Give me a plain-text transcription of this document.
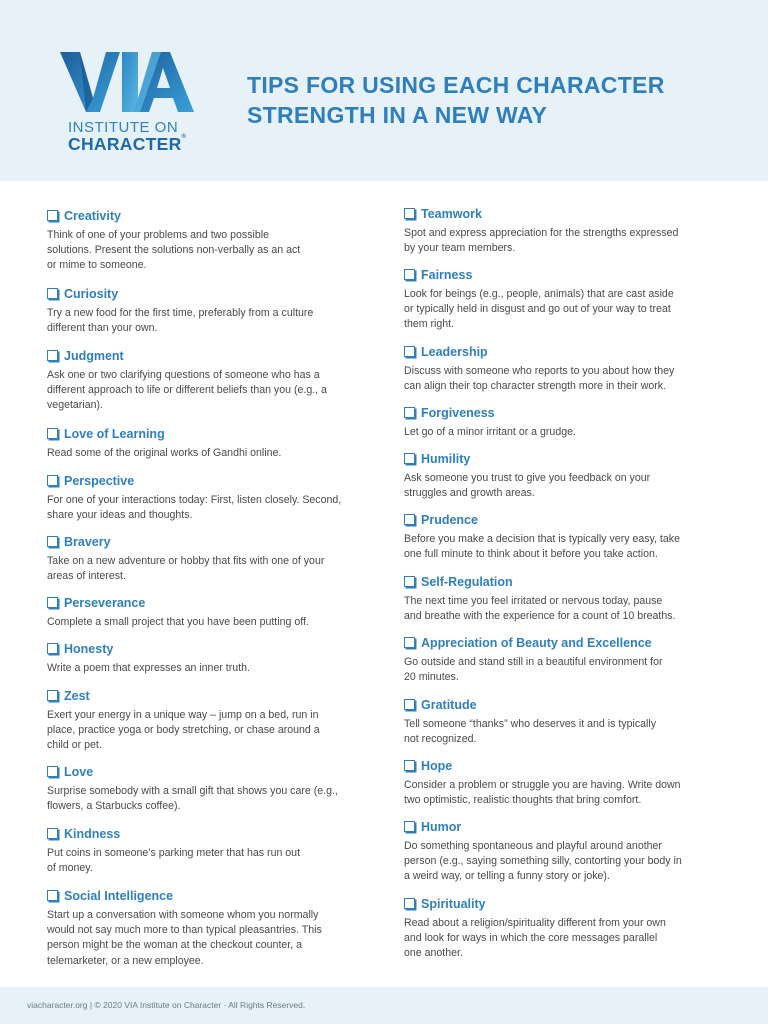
INSTITUTE ON
CHARACTER®
TIPS FOR USING EACH CHARACTER STRENGTH IN A NEW WAY
Creativity
Think of one of your problems and two possible
solutions. Present the solutions non-verbally as an act
or mime to someone.
Curiosity
Try a new food for the first time, preferably from a culture
different than your own.
Judgment
Ask one or two clarifying questions of someone who has a
different approach to life or different beliefs than you (e.g., a
vegetarian).
Love of Learning
Read some of the original works of Gandhi online.
Perspective
For one of your interactions today: First, listen closely. Second,
share your ideas and thoughts.
Bravery
Take on a new adventure or hobby that fits with one of your
areas of interest.
Perseverance
Complete a small project that you have been putting off.
Honesty
Write a poem that expresses an inner truth.
Zest
Exert your energy in a unique way – jump on a bed, run in
place, practice yoga or body stretching, or chase around a
child or pet.
Love
Surprise somebody with a small gift that shows you care (e.g.,
flowers, a Starbucks coffee).
Kindness
Put coins in someone’s parking meter that has run out
of money.
Social Intelligence
Start up a conversation with someone whom you normally
would not say much more to than typical pleasantries. This
person might be the woman at the checkout counter, a
telemarketer, or a new employee.
Teamwork
Spot and express appreciation for the strengths expressed
by your team members.
Fairness
Look for beings (e.g., people, animals) that are cast aside
or typically held in disgust and go out of your way to treat
them right.
Leadership
Discuss with someone who reports to you about how they
can align their top character strength more in their work.
Forgiveness
Let go of a minor irritant or a grudge.
Humility
Ask someone you trust to give you feedback on your
struggles and growth areas.
Prudence
Before you make a decision that is typically very easy, take
one full minute to think about it before you take action.
Self-Regulation
The next time you feel irritated or nervous today, pause
and breathe with the experience for a count of 10 breaths.
Appreciation of Beauty and Excellence
Go outside and stand still in a beautiful environment for
20 minutes.
Gratitude
Tell someone “thanks” who deserves it and is typically
not recognized.
Hope
Consider a problem or struggle you are having. Write down
two optimistic, realistic thoughts that bring comfort.
Humor
Do something spontaneous and playful around another
person (e.g., saying something silly, contorting your body in
a weird way, or telling a funny story or joke).
Spirituality
Read about a religion/spirituality different from your own
and look for ways in which the core messages parallel
one another.
viacharacter.org | © 2020 VIA Institute on Character · All Rights Reserved.
